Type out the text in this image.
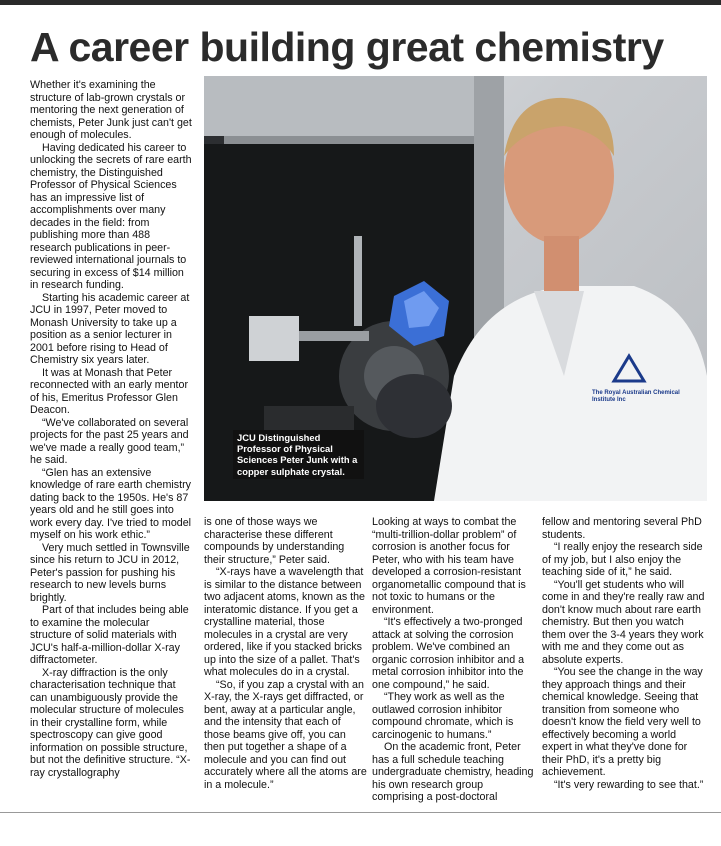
A career building great chemistry

Whether it's examining the structure of lab-grown crystals or mentoring the next generation of chemists, Peter Junk just can't get enough of molecules.

Having dedicated his career to unlocking the secrets of rare earth chemistry, the Distinguished Professor of Physical Sciences has an impressive list of accomplishments over many decades in the field: from publishing more than 488 research publications in peer-reviewed international journals to securing in excess of $14 million in research funding.

Starting his academic career at JCU in 1997, Peter moved to Monash University to take up a position as a senior lecturer in 2001 before rising to Head of Chemistry six years later.

It was at Monash that Peter reconnected with an early mentor of his, Emeritus Professor Glen Deacon.

“We've collaborated on several projects for the past 25 years and we've made a really good team,” he said.

“Glen has an extensive knowledge of rare earth chemistry dating back to the 1950s. He's 87 years old and he still goes into work every day. I've tried to model myself on his work ethic.”

Very much settled in Townsville since his return to JCU in 2012, Peter's passion for pushing his research to new levels burns brightly.

Part of that includes being able to examine the molecular structure of solid materials with JCU's half-a-million-dollar X-ray diffractometer.

X-ray diffraction is the only characterisation technique that can unambiguously provide the molecular structure of molecules in their crystalline form, while spectroscopy can give good information on possible structure, but not the definitive structure. “X-ray crystallography

The Royal Australian Chemical Institute Inc
JCU Distinguished Professor of Physical Sciences Peter Junk with a copper sulphate crystal.

is one of those ways we characterise these different compounds by understanding their structure,” Peter said.

“X-rays have a wavelength that is similar to the distance between two adjacent atoms, known as the interatomic distance. If you get a crystalline material, those molecules in a crystal are very ordered, like if you stacked bricks up into the size of a pallet. That's what molecules do in a crystal.

“So, if you zap a crystal with an X-ray, the X-rays get diffracted, or bent, away at a particular angle, and the intensity that each of those beams give off, you can then put together a shape of a molecule and you can find out accurately where all the atoms are in a molecule.”

Looking at ways to combat the “multi-trillion-dollar problem” of corrosion is another focus for Peter, who with his team have developed a corrosion-resistant organometallic compound that is not toxic to humans or the environment.

“It's effectively a two-pronged attack at solving the corrosion problem. We've combined an organic corrosion inhibitor and a metal corrosion inhibitor into the one compound,” he said.

“They work as well as the outlawed corrosion inhibitor compound chromate, which is carcinogenic to humans.”

On the academic front, Peter has a full schedule teaching undergraduate chemistry, heading his own research group comprising a post-doctoral

fellow and mentoring several PhD students.

“I really enjoy the research side of my job, but I also enjoy the teaching side of it,” he said.

“You'll get students who will come in and they're really raw and don't know much about rare earth chemistry. But then you watch them over the 3-4 years they work with me and they come out as absolute experts.

“You see the change in the way they approach things and their chemical knowledge. Seeing that transition from someone who doesn't know the field very well to effectively becoming a world expert in what they've done for their PhD, it's a pretty big achievement.

“It's very rewarding to see that.”
